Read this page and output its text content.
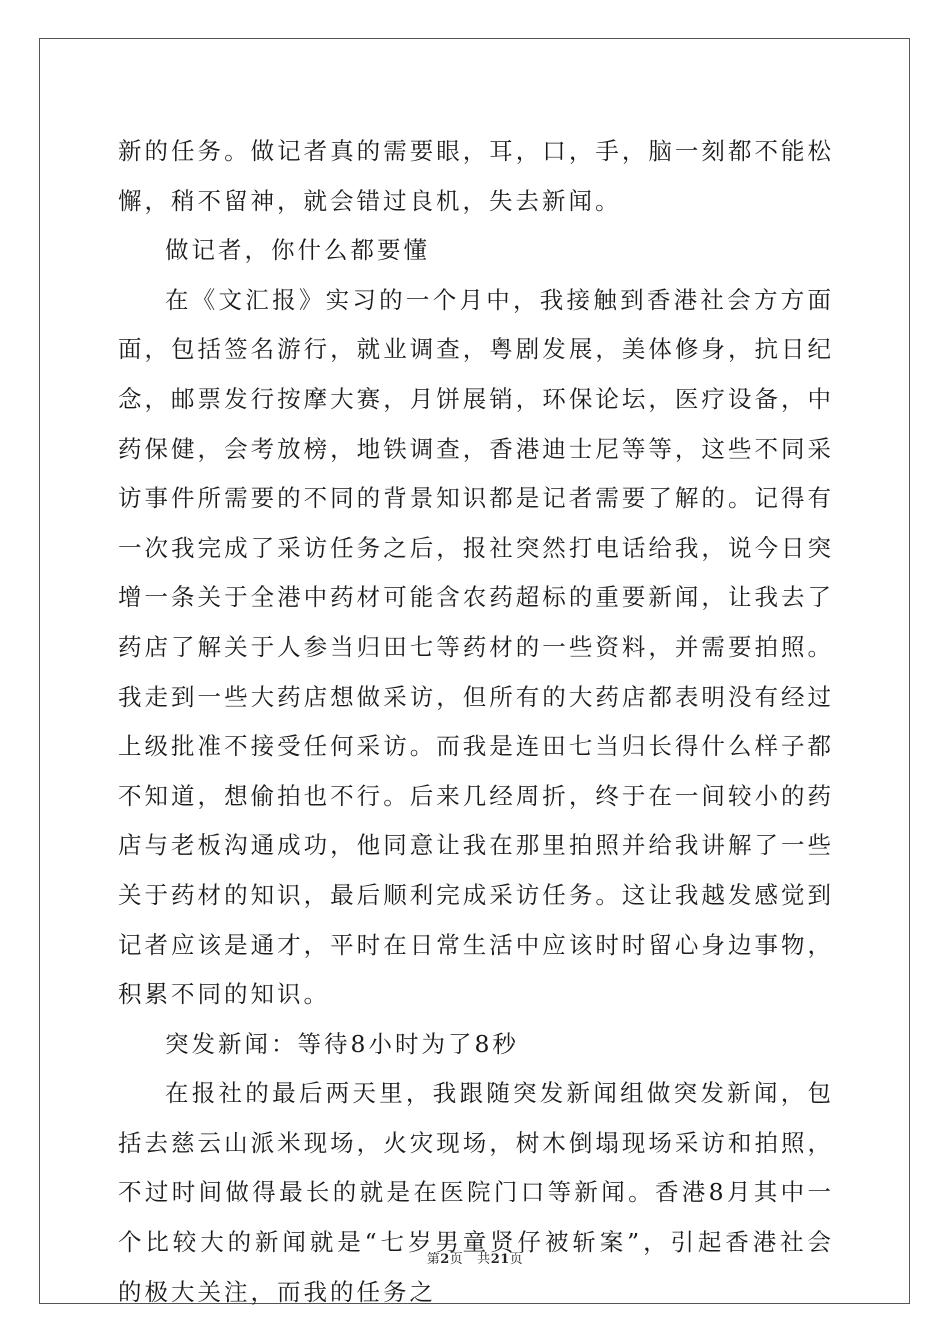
新的任务。做记者真的需要眼，耳，口，手，脑一刻都不能松懈，稍不留神，就会错过良机，失去新闻。

做记者，你什么都要懂

在《文汇报》实习的一个月中，我接触到香港社会方方面面，包括签名游行，就业调查，粤剧发展，美体修身，抗日纪念，邮票发行按摩大赛，月饼展销，环保论坛，医疗设备，中药保健，会考放榜，地铁调查，香港迪士尼等等，这些不同采访事件所需要的不同的背景知识都是记者需要了解的。记得有一次我完成了采访任务之后，报社突然打电话给我，说今日突增一条关于全港中药材可能含农药超标的重要新闻，让我去了药店了解关于人参当归田七等药材的一些资料，并需要拍照。我走到一些大药店想做采访，但所有的大药店都表明没有经过上级批准不接受任何采访。而我是连田七当归长得什么样子都不知道，想偷拍也不行。后来几经周折，终于在一间较小的药店与老板沟通成功，他同意让我在那里拍照并给我讲解了一些关于药材的知识，最后顺利完成采访任务。这让我越发感觉到记者应该是通才，平时在日常生活中应该时时留心身边事物，积累不同的知识。

突发新闻：等待8小时为了8秒

在报社的最后两天里，我跟随突发新闻组做突发新闻，包括去慈云山派米现场，火灾现场，树木倒塌现场采访和拍照，不过时间做得最长的就是在医院门口等新闻。香港8月其中一个比较大的新闻就是“七岁男童贤仔被斩案”，引起香港社会的极大关注，而我的任务之

第2页 共21页
